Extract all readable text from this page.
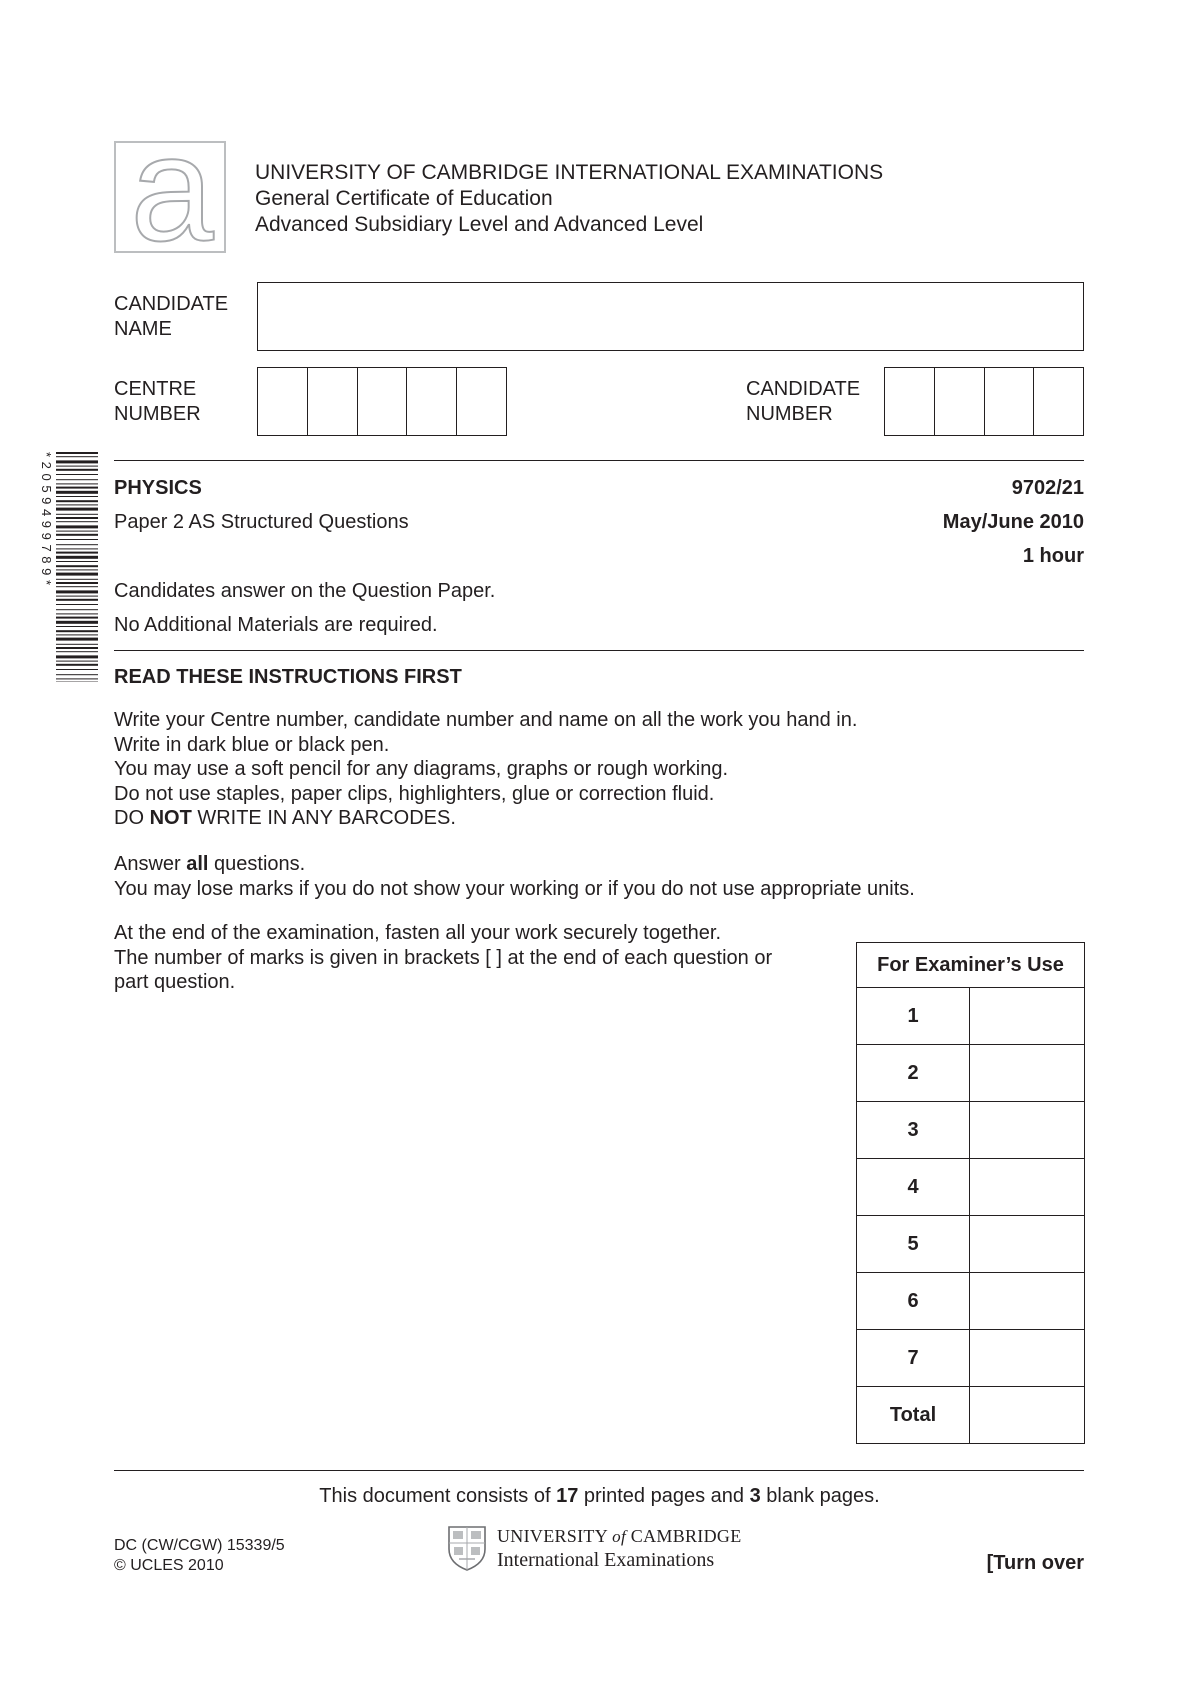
a	UNIVERSITY OF CAMBRIDGE INTERNATIONAL EXAMINATIONS
General Certificate of Education
Advanced Subsidiary Level and Advanced Level
CANDIDATE
NAME
CENTRE
NUMBER
CANDIDATE
NUMBER
*2059499789*	PHYSICS	9702/21
Paper 2 AS Structured Questions	May/June 2010
1 hour
Candidates answer on the Question Paper.
No Additional Materials are required.
READ THESE INSTRUCTIONS FIRST
Write your Centre number, candidate number and name on all the work you hand in.
Write in dark blue or black pen.
You may use a soft pencil for any diagrams, graphs or rough working.
Do not use staples, paper clips, highlighters, glue or correction fluid.
DO NOT WRITE IN ANY BARCODES.
Answer all questions.
You may lose marks if you do not show your working or if you do not use appropriate units.
At the end of the examination, fasten all your work securely together.
The number of marks is given in brackets [ ] at the end of each question or
part question.
For Examiner’s Use	
1	
2	
3	
4	
5	
6	
7	
Total	
This document consists of 17 printed pages and 3 blank pages.
DC (CW/CGW) 15339/5
© UCLES 2010
UNIVERSITY of CAMBRIDGE
International Examinations	[Turn over
